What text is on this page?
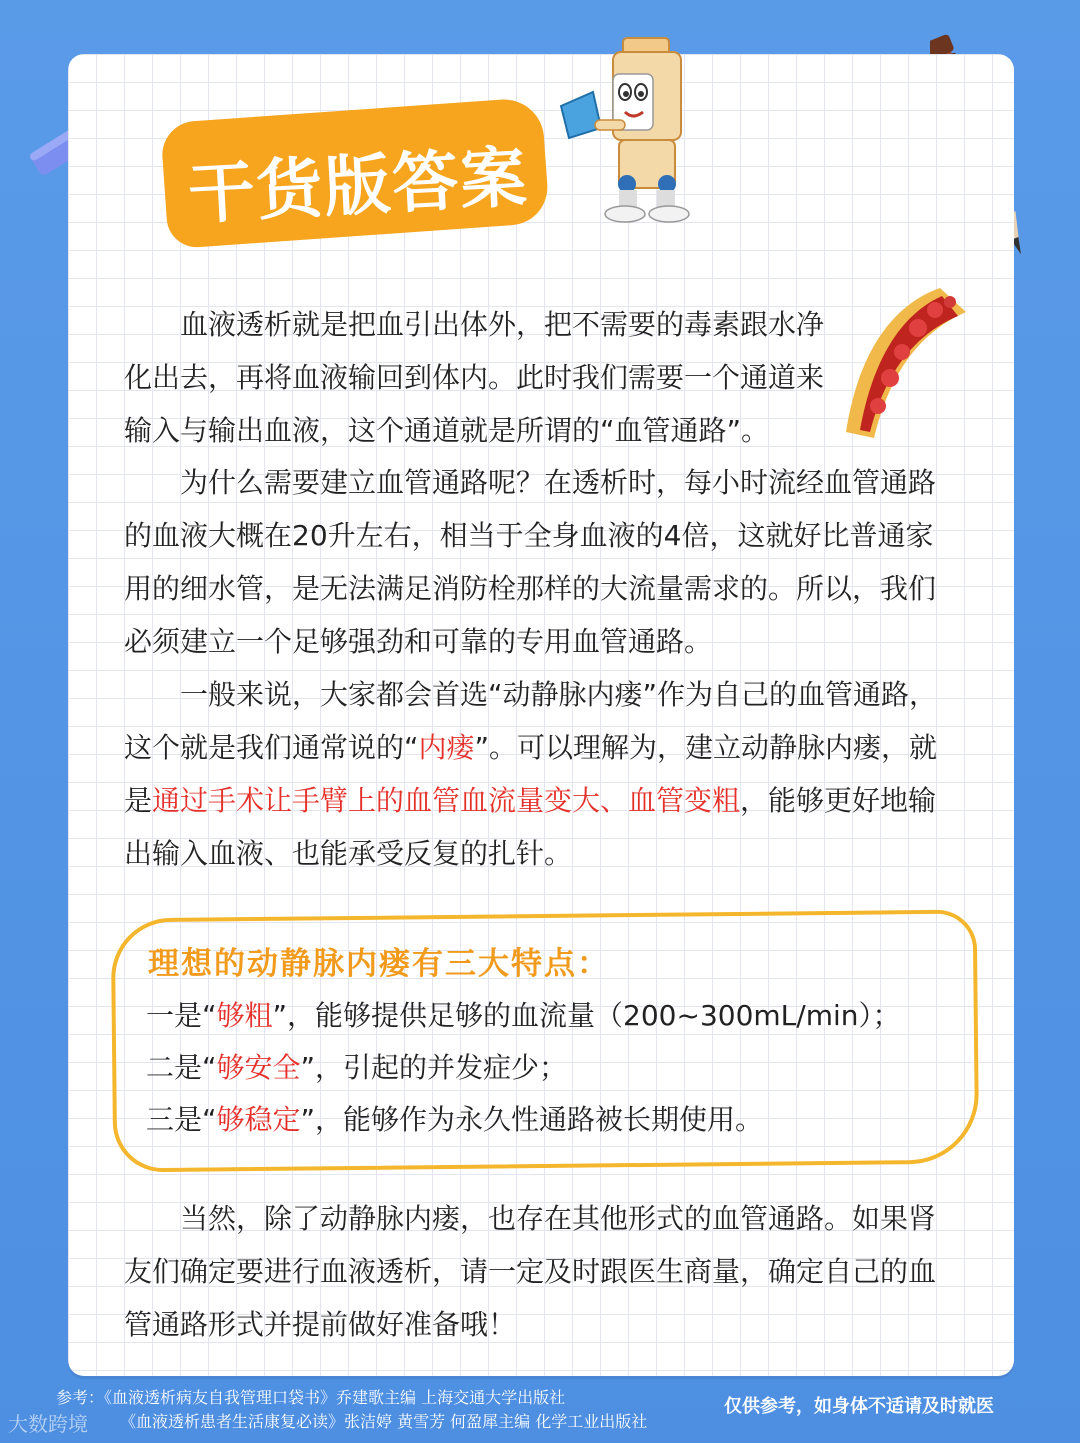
干货版答案

血液透析就是把血引出体外，把不需要的毒素跟水净化出去，再将血液输回到体内。此时我们需要一个通道来输入与输出血液，这个通道就是所谓的“血管通路”。

为什么需要建立血管通路呢？在透析时，每小时流经血管通路的血液大概在20升左右，相当于全身血液的4倍，这就好比普通家用的细水管，是无法满足消防栓那样的大流量需求的。所以，我们必须建立一个足够强劲和可靠的专用血管通路。

一般来说，大家都会首选“动静脉内瘘”作为自己的血管通路，这个就是我们通常说的“内瘘”。可以理解为，建立动静脉内瘘，就是通过手术让手臂上的血管血流量变大、血管变粗，能够更好地输出输入血液、也能承受反复的扎针。

理想的动静脉内瘘有三大特点：
一是“够粗”，能够提供足够的血流量（200~300mL/min）；
二是“够安全”，引起的并发症少；
三是“够稳定”，能够作为永久性通路被长期使用。

当然，除了动静脉内瘘，也存在其他形式的血管通路。如果肾友们确定要进行血液透析，请一定及时跟医生商量，确定自己的血管通路形式并提前做好准备哦！

参考：《血液透析病友自我管理口袋书》乔建歌主编 上海交通大学出版社
《血液透析患者生活康复必读》张洁婷 黄雪芳 何盈犀主编 化学工业出版社
仅供参考，如身体不适请及时就医
大数跨境
